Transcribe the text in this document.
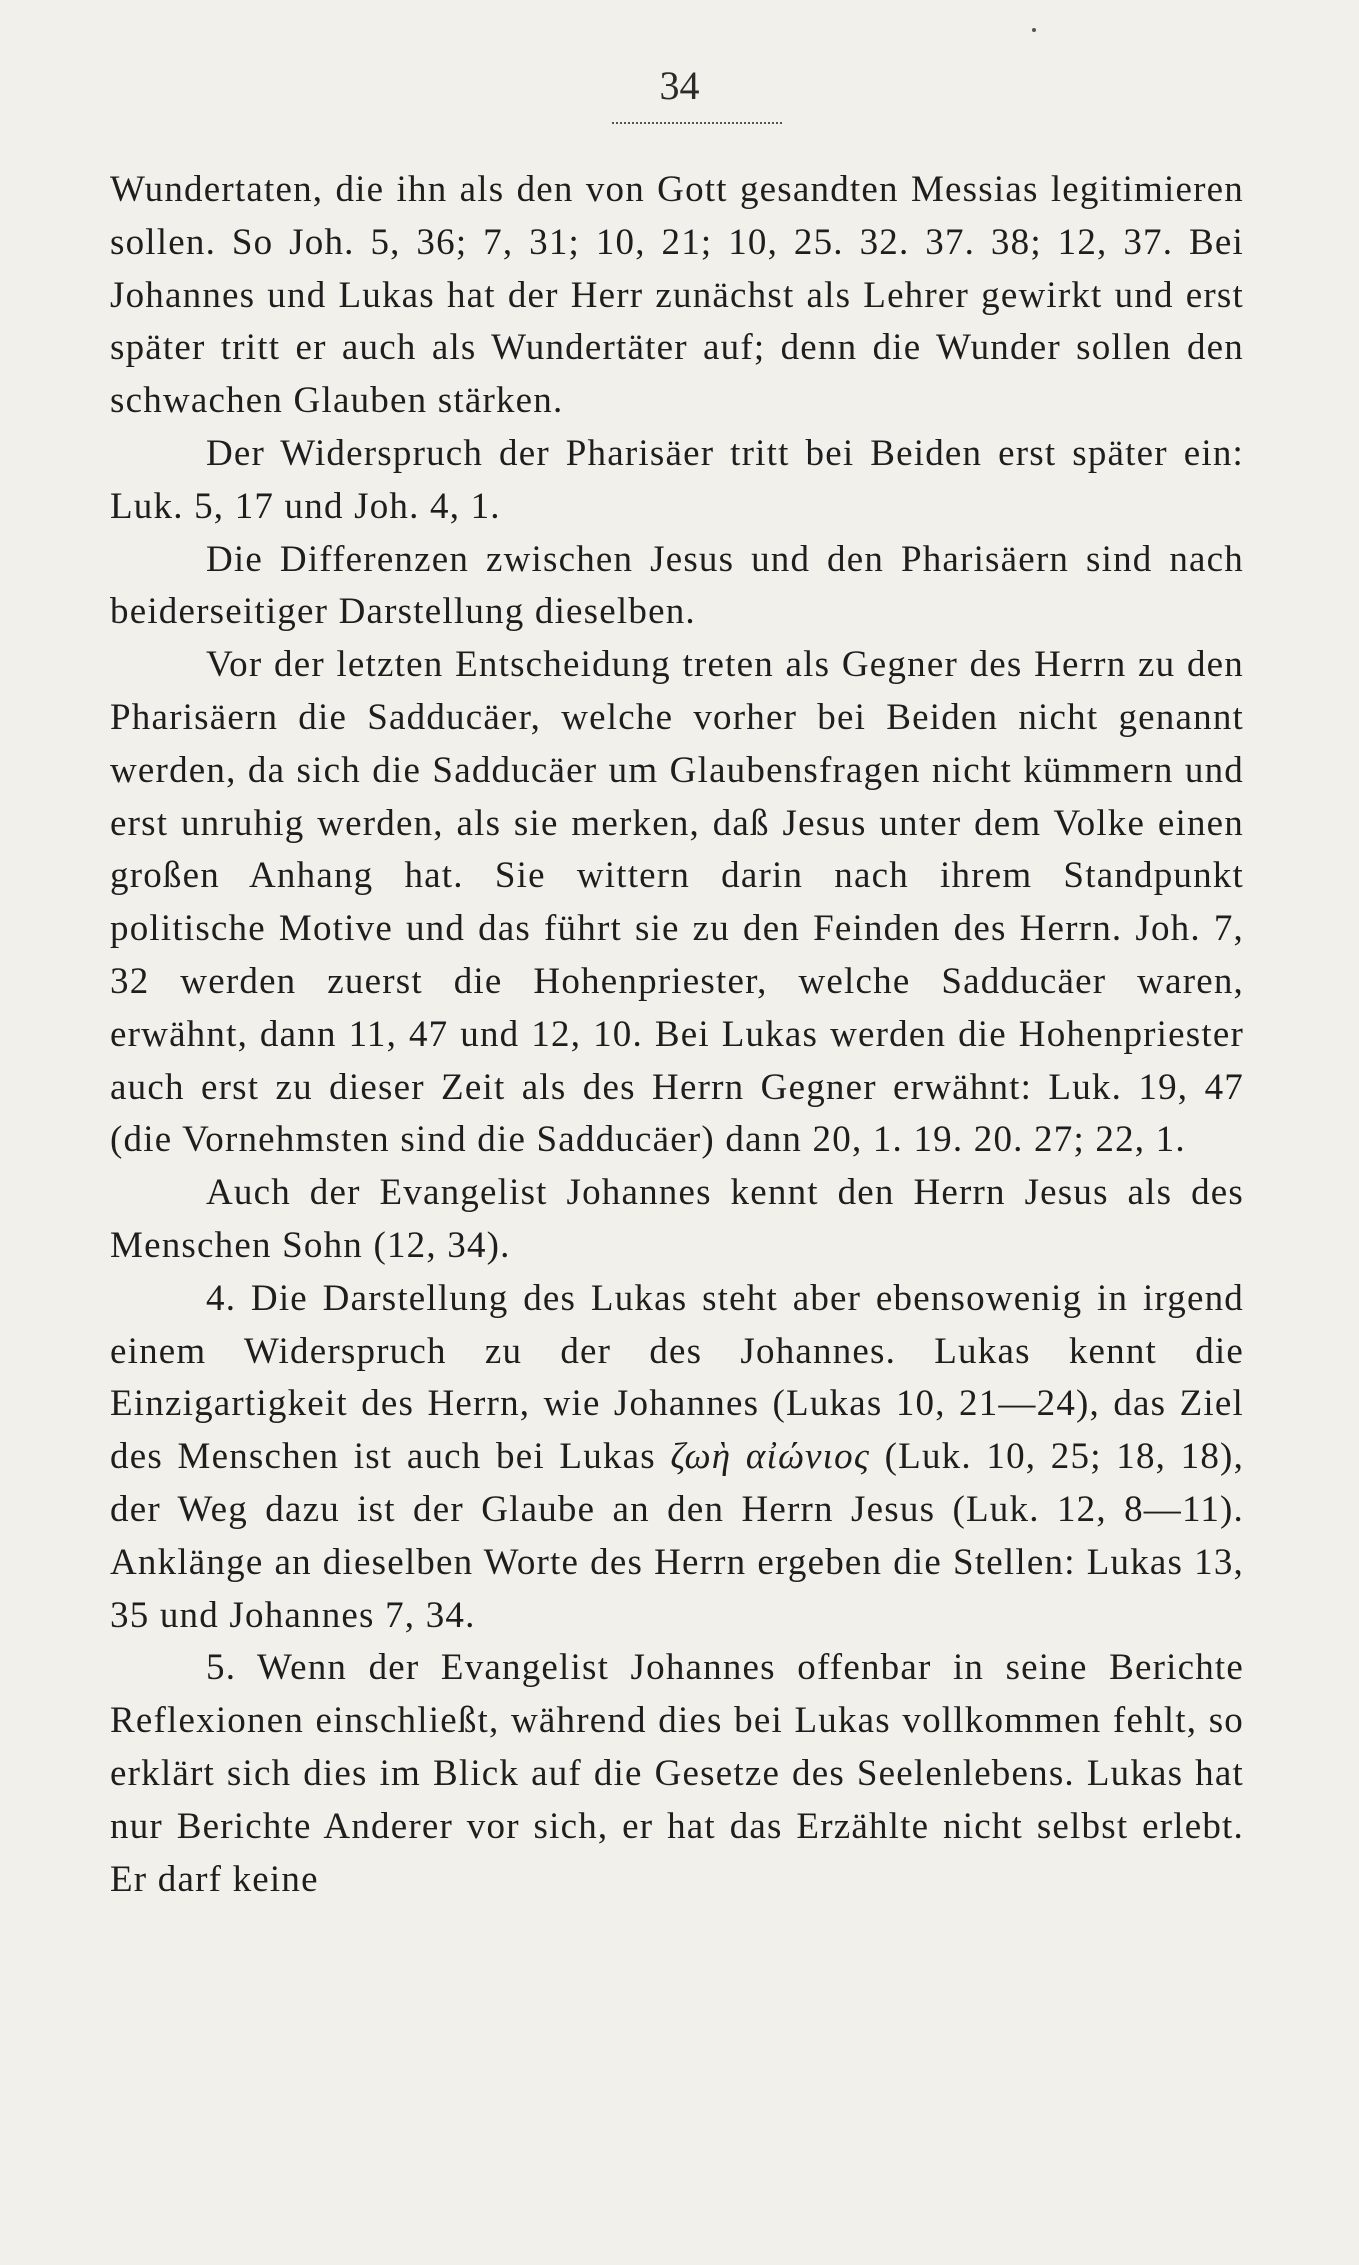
34

Wundertaten, die ihn als den von Gott gesandten Messias legitimieren sollen. So Joh. 5, 36; 7, 31; 10, 21; 10, 25. 32. 37. 38; 12, 37. Bei Johannes und Lukas hat der Herr zunächst als Lehrer gewirkt und erst später tritt er auch als Wundertäter auf; denn die Wunder sollen den schwachen Glauben stärken.

Der Widerspruch der Pharisäer tritt bei Beiden erst später ein: Luk. 5, 17 und Joh. 4, 1.

Die Differenzen zwischen Jesus und den Pharisäern sind nach beiderseitiger Darstellung dieselben.

Vor der letzten Entscheidung treten als Gegner des Herrn zu den Pharisäern die Sadducäer, welche vorher bei Beiden nicht genannt werden, da sich die Sadducäer um Glaubensfragen nicht kümmern und erst unruhig werden, als sie merken, daß Jesus unter dem Volke einen großen Anhang hat. Sie wittern darin nach ihrem Standpunkt politische Motive und das führt sie zu den Feinden des Herrn. Joh. 7, 32 werden zuerst die Hohenpriester, welche Sadducäer waren, erwähnt, dann 11, 47 und 12, 10. Bei Lukas werden die Hohenpriester auch erst zu dieser Zeit als des Herrn Gegner erwähnt: Luk. 19, 47 (die Vornehmsten sind die Sadducäer) dann 20, 1. 19. 20. 27; 22, 1.

Auch der Evangelist Johannes kennt den Herrn Jesus als des Menschen Sohn (12, 34).

4. Die Darstellung des Lukas steht aber ebensowenig in irgend einem Widerspruch zu der des Johannes. Lukas kennt die Einzigartigkeit des Herrn, wie Johannes (Lukas 10, 21—24), das Ziel des Menschen ist auch bei Lukas ζωὴ αἰώνιος (Luk. 10, 25; 18, 18), der Weg dazu ist der Glaube an den Herrn Jesus (Luk. 12, 8—11). Anklänge an dieselben Worte des Herrn ergeben die Stellen: Lukas 13, 35 und Johannes 7, 34.

5. Wenn der Evangelist Johannes offenbar in seine Berichte Reflexionen einschließt, während dies bei Lukas vollkommen fehlt, so erklärt sich dies im Blick auf die Gesetze des Seelenlebens. Lukas hat nur Berichte Anderer vor sich, er hat das Erzählte nicht selbst erlebt. Er darf keine
